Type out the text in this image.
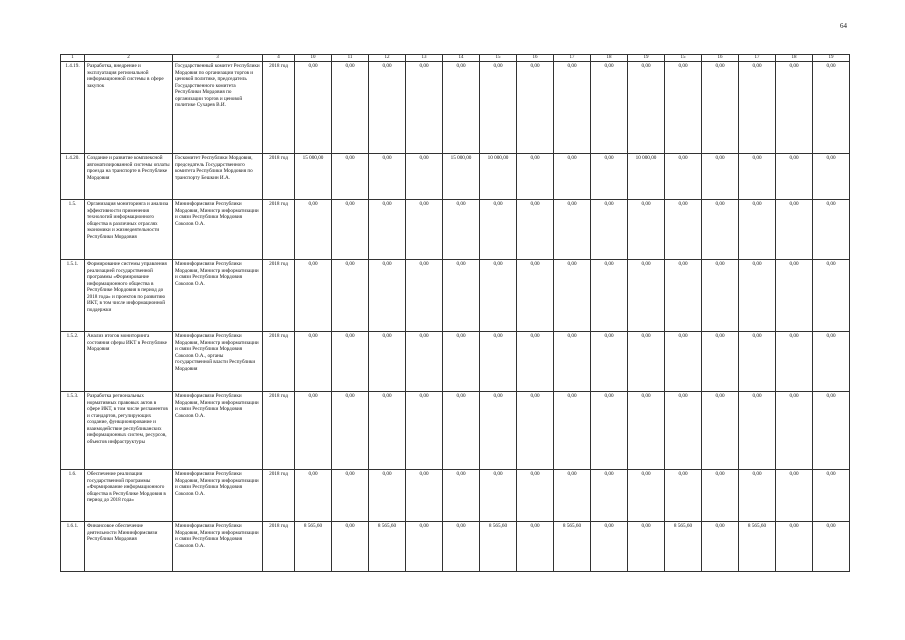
64
1	2	3	4	10	11	12	13	14	15	16	17	18	19	15	16	17	18	19
1.4.19.	Разработка, внедрение и эксплуатация региональной информационной системы в сфере закупок	Государственный комитет Республики Мордовия по организации торгов и ценовой политике, председатель Государственного комитета Республики Мордовия по организации торгов и ценовой политике Сухарев В.И.	2018 год	0,00	0,00	0,00	0,00	0,00	0,00	0,00	0,00	0,00	0,00	0,00	0,00	0,00	0,00	0,00
1.4.20.	Создание и развитие комплексной автоматизированной системы оплаты проезда на транспорте в Республике Мордовия	Госкомитет Республики Мордовия, председатель Государственного комитета Республики Мордовия по транспорту Бешкин И.А.	2018 год	15 000,00	0,00	0,00	0,00	15 000,00	10 000,00	0,00	0,00	0,00	10 000,00	0,00	0,00	0,00	0,00	0,00
1.5.	Организация мониторинга и анализа эффективности применения технологий информационного общества в различных отраслях экономики и жизнедеятельности Республики Мордовия	Мининформсвязи Республики Мордовия, Министр информатизации и связи Республики Мордовия Соколов О.А.	2018 год	0,00	0,00	0,00	0,00	0,00	0,00	0,00	0,00	0,00	0,00	0,00	0,00	0,00	0,00	0,00
1.5.1.	Формирование системы управления реализацией государственной программы «Формирование информационного общества в Республике Мордовия в период до 2018 года» и проектов по развитию ИКТ, в том числе информационной поддержки	Мининформсвязи Республики Мордовия, Министр информатизации и связи Республики Мордовия Соколов О.А.	2018 год	0,00	0,00	0,00	0,00	0,00	0,00	0,00	0,00	0,00	0,00	0,00	0,00	0,00	0,00	0,00
1.5.2.	Анализ итогов мониторинга состояния сферы ИКТ в Республике Мордовия	Мининформсвязи Республики Мордовия, Министр информатизации и связи Республики Мордовия Соколов О.А., органы государственной власти Республики Мордовия	2018 год	0,00	0,00	0,00	0,00	0,00	0,00	0,00	0,00	0,00	0,00	0,00	0,00	0,00	0,00	0,00
1.5.3.	Разработка региональных нормативных правовых актов в сфере ИКТ, в том числе регламентов и стандартов, регулирующих создание, функционирование и взаимодействие республиканских информационных систем, ресурсов, объектов инфраструктуры	Мининформсвязи Республики Мордовия, Министр информатизации и связи Республики Мордовия Соколов О.А.	2018 год	0,00	0,00	0,00	0,00	0,00	0,00	0,00	0,00	0,00	0,00	0,00	0,00	0,00	0,00	0,00
1.6.	Обеспечение реализации государственной программы «Формирование информационного общества в Республике Мордовия в период до 2018 года»	Мининформсвязи Республики Мордовия, Министр информатизации и связи Республики Мордовия Соколов О.А.	2018 год	0,00	0,00	0,00	0,00	0,00	0,00	0,00	0,00	0,00	0,00	0,00	0,00	0,00	0,00	0,00
1.6.1.	Финансовое обеспечение деятельности Мининформсвязи Республики Мордовия	Мининформсвязи Республики Мордовия, Министр информатизации и связи Республики Мордовия Соколов О.А.	2018 год	8 565,60	0,00	8 565,60	0,00	0,00	8 565,60	0,00	8 565,60	0,00	0,00	8 565,60	0,00	8 565,60	0,00	0,00
